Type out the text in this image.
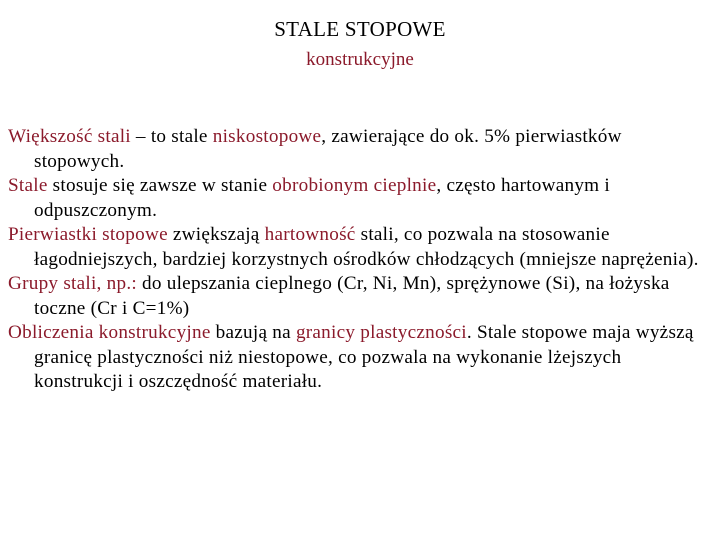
STALE STOPOWE
konstrukcyjne

Większość stali – to stale niskostopowe, zawierające do ok. 5% pierwiastków stopowych.

Stale stosuje się zawsze w stanie obrobionym cieplnie, często hartowanym i odpuszczonym.

Pierwiastki stopowe zwiększają hartowność stali, co pozwala na stosowanie łagodniejszych, bardziej korzystnych ośrodków chłodzących (mniejsze naprężenia).

Grupy stali, np.: do ulepszania cieplnego (Cr, Ni, Mn), sprężynowe (Si), na łożyska toczne (Cr i C=1%)

Obliczenia konstrukcyjne bazują na granicy plastyczności. Stale stopowe maja wyższą granicę plastyczności niż niestopowe, co pozwala na wykonanie lżejszych konstrukcji i oszczędność materiału.
